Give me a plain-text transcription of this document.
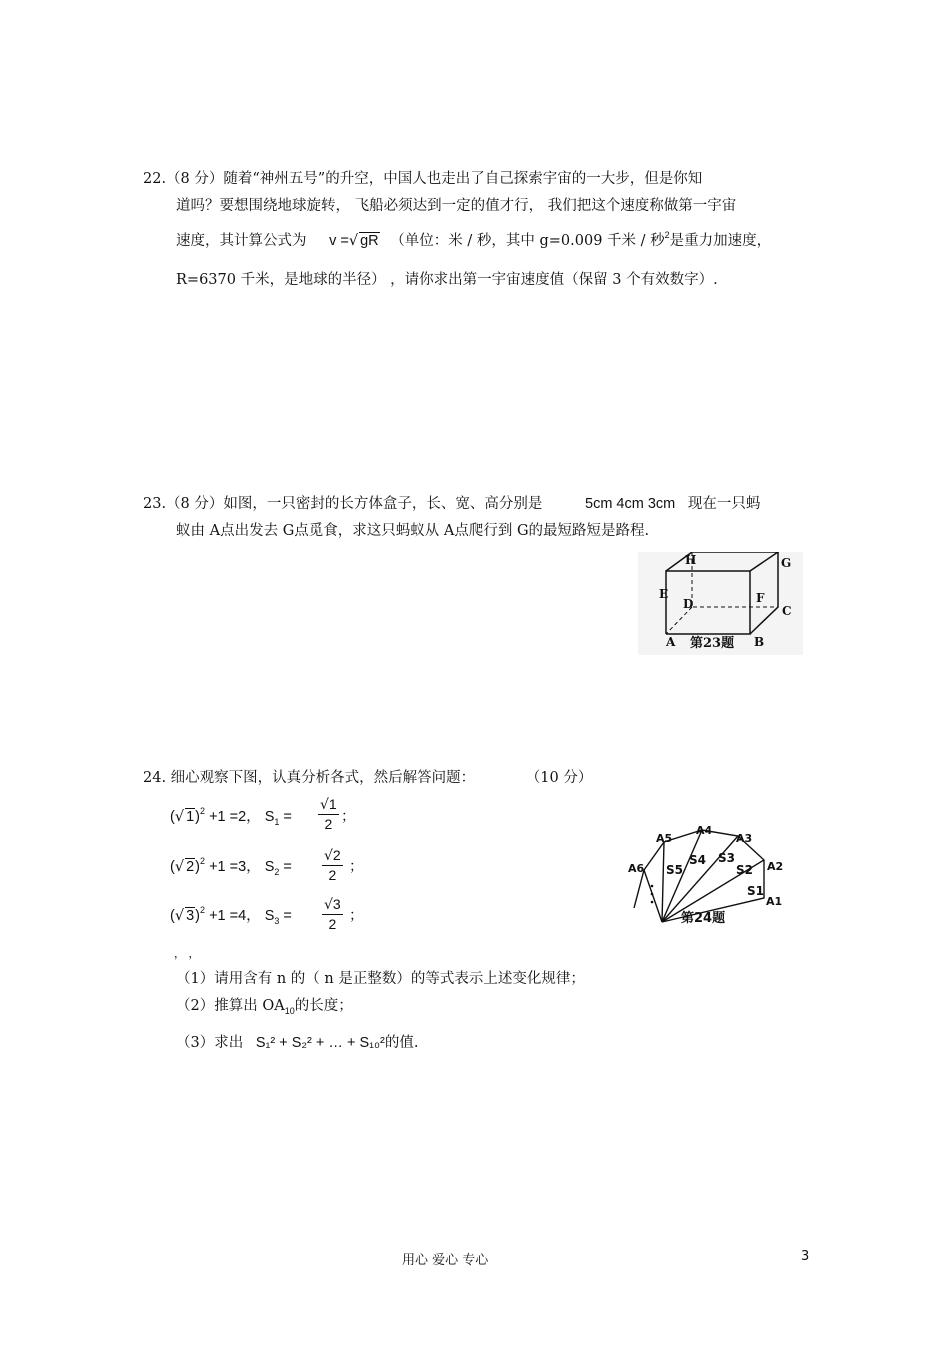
22.（8 分）随着“神州五号”的升空，中国人也走出了自己探索宇宙的一大步，但是你知
道吗？要想围绕地球旋转， 飞船必须达到一定的值才行， 我们把这个速度称做第一宇宙
速度，其计算公式为 v =√ gR （单位：米 / 秒，其中 g=0.009 千米 / 秒$^2$是重力加速度，
R=6370 千米，是地球的半径） ，请你求出第一宇宙速度值（保留 3 个有效数字）.
23.（8 分）如图，一只密封的长方体盒子，长、宽、高分别是	5cm 4cm 3cm 现在一只蚂
蚁由 A点出发去 G点觅食，求这只蚂蚁从 A点爬行到 G的最短路短是路程.
H	G
E
D	F
C
A	B
第23题
24. 细心观察下图，认真分析各式，然后解答问题：	（10 分）
(√ 1)$^2$ +1 =2， $S_1 = \frac{√1}{2}$ ；
(√ 2)$^2$ +1 =3， $S_2 = \frac{√2}{2}$ ；
(√ 3)$^2$ +1 =4， $S_3 = \frac{√3}{2}$ ；
， ，
（1）请用含有 n 的（ n 是正整数）的等式表示上述变化规律；
（2）推算出 $OA_{10}$的长度；
（3）求出 S₁² + S₂² + … + S₁₀²的值.
A1
A2
A3
A4
A5
A6
S1
S2
S3
S4
S5
第24题
用心 爱心 专心	3
